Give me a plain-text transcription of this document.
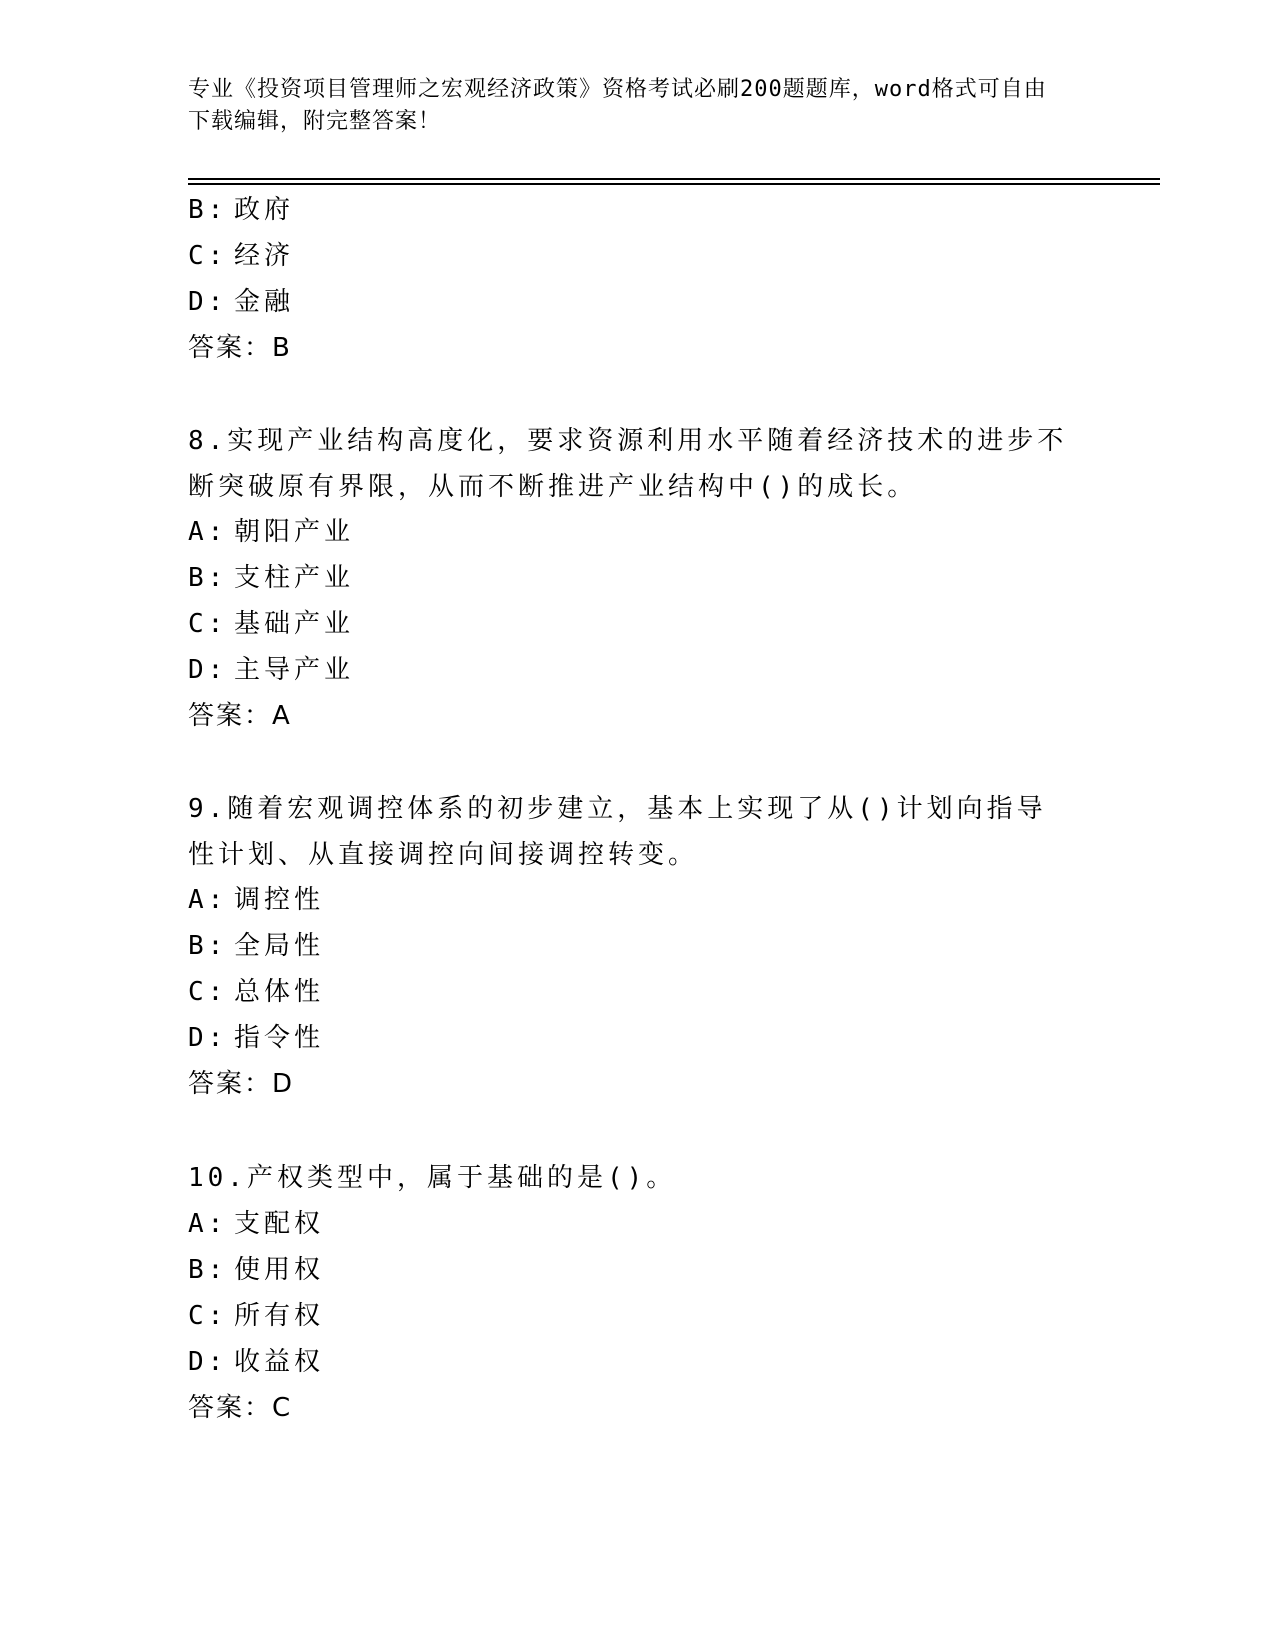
专业《投资项目管理师之宏观经济政策》资格考试必刷200题题库，word格式可自由下载编辑，附完整答案！
B: 政府
C: 经济
D: 金融
答案：B
8.实现产业结构高度化，要求资源利用水平随着经济技术的进步不断突破原有界限，从而不断推进产业结构中()的成长。
A: 朝阳产业
B: 支柱产业
C: 基础产业
D: 主导产业
答案：A
9.随着宏观调控体系的初步建立，基本上实现了从()计划向指导性计划、从直接调控向间接调控转变。
A: 调控性
B: 全局性
C: 总体性
D: 指令性
答案：D
10.产权类型中，属于基础的是()。
A: 支配权
B: 使用权
C: 所有权
D: 收益权
答案：C
